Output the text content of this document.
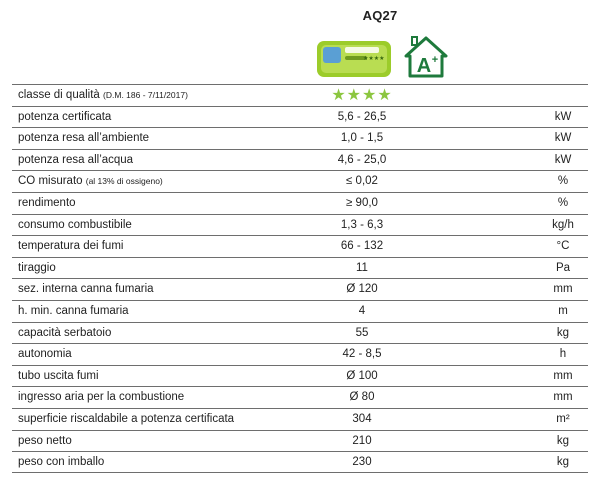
AQ27
★★★★ A +
classe di qualità (D.M. 186 - 7/11/2017)	★★★★
potenza certificata	5,6 - 26,5	kW
potenza resa all’ambiente	1,0 - 1,5	kW
potenza resa all’acqua	4,6 - 25,0	kW
CO misurato (al 13% di ossigeno)	≤ 0,02	%
rendimento	≥ 90,0	%
consumo combustibile	1,3 - 6,3	kg/h
temperatura dei fumi	66 - 132	°C
tiraggio	11	Pa
sez. interna canna fumaria	Ø 120	mm
h. min. canna fumaria	4	m
capacità serbatoio	55	kg
autonomia	42 - 8,5	h
tubo uscita fumi	Ø 100	mm
ingresso aria per la combustione	Ø 80	mm
superficie riscaldabile a potenza certificata	304	m²
peso netto	210	kg
peso con imballo	230	kg
